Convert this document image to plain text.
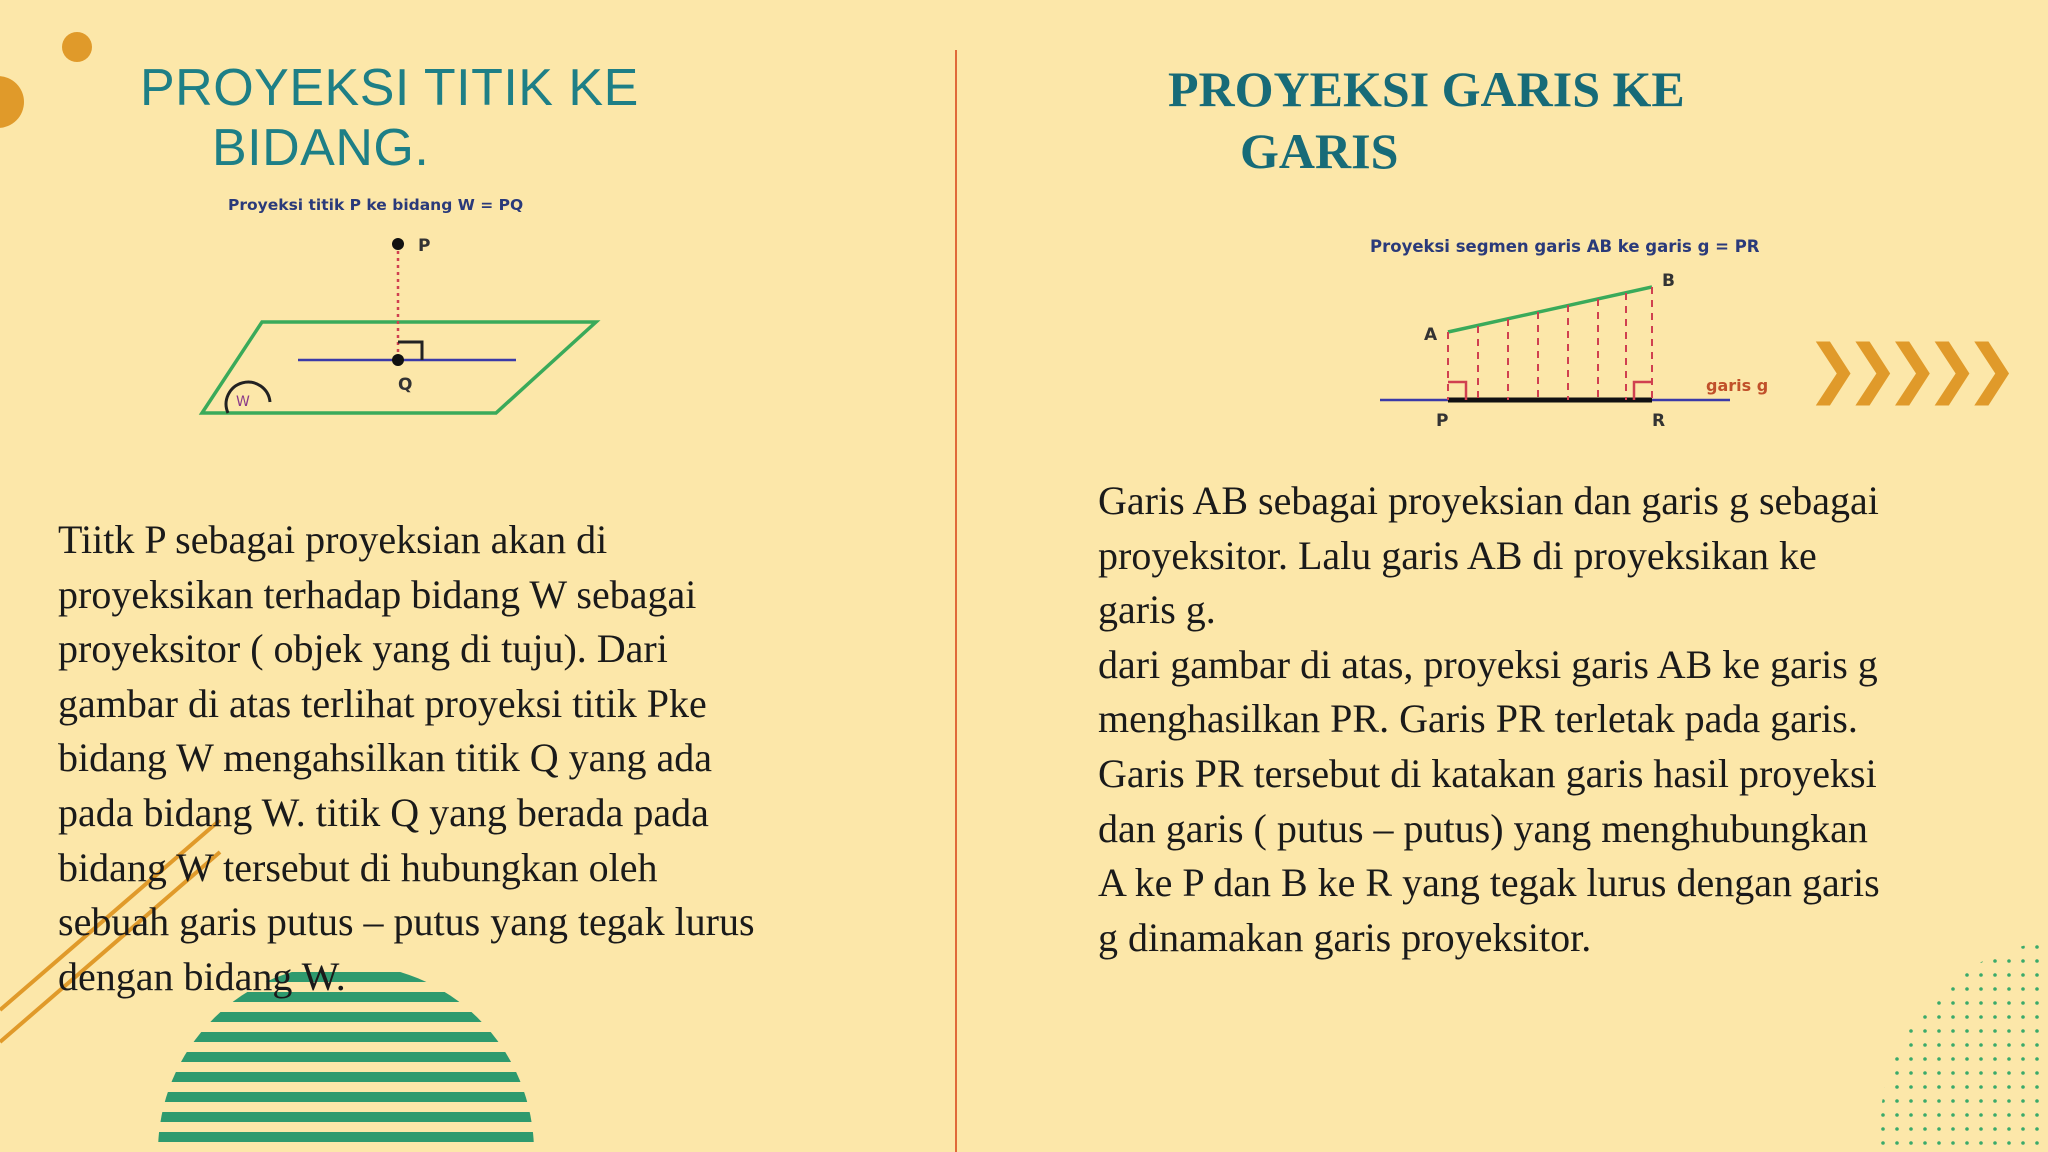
❯❯❯❯❯
PROYEKSI TITIK KE
BIDANG.
Proyeksi titik P ke bidang W = PQ
P
Q
W

Tiitk P sebagai proyeksian akan di proyeksikan terhadap bidang W sebagai proyeksitor ( objek yang di tuju). Dari gambar di atas terlihat proyeksi titik Pke bidang W mengahsilkan titik Q yang ada pada bidang W. titik Q yang berada pada bidang W tersebut di hubungkan oleh sebuah garis putus – putus yang tegak lurus dengan bidang W.

PROYEKSI GARIS KE
GARIS
Proyeksi segmen garis AB ke garis g = PR
A
B
P	R
garis g

Garis AB sebagai proyeksian dan garis g sebagai proyeksitor. Lalu garis AB di proyeksikan ke garis g.

dari gambar di atas, proyeksi garis AB ke garis g menghasilkan PR. Garis PR terletak pada garis. Garis PR tersebut di katakan garis hasil proyeksi dan garis ( putus – putus) yang menghubungkan A ke P dan B ke R yang tegak lurus dengan garis g dinamakan garis proyeksitor.
